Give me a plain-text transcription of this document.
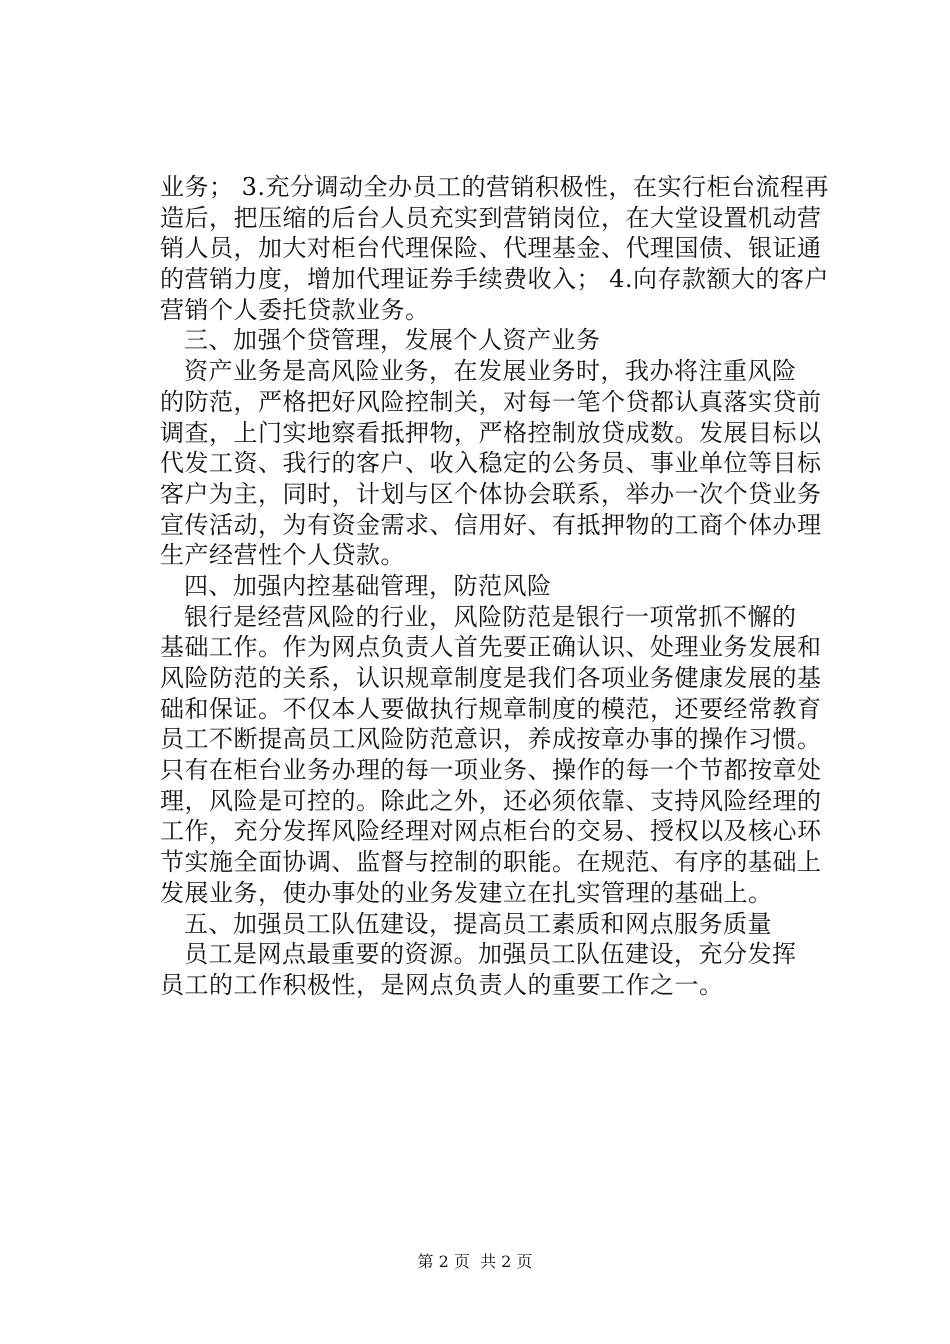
业务； 3.充分调动全办员工的营销积极性，在实行柜台流程再
造后，把压缩的后台人员充实到营销岗位，在大堂设置机动营
销人员，加大对柜台代理保险、代理基金、代理国债、银证通
的营销力度，增加代理证券手续费收入； 4.向存款额大的客户
营销个人委托贷款业务。
三、加强个贷管理，发展个人资产业务
资产业务是高风险业务，在发展业务时，我办将注重风险
的防范，严格把好风险控制关，对每一笔个贷都认真落实贷前
调查，上门实地察看抵押物，严格控制放贷成数。发展目标以
代发工资、我行的客户、收入稳定的公务员、事业单位等目标
客户为主，同时，计划与区个体协会联系，举办一次个贷业务
宣传活动，为有资金需求、信用好、有抵押物的工商个体办理
生产经营性个人贷款。
四、加强内控基础管理，防范风险
银行是经营风险的行业，风险防范是银行一项常抓不懈的
基础工作。作为网点负责人首先要正确认识、处理业务发展和
风险防范的关系，认识规章制度是我们各项业务健康发展的基
础和保证。不仅本人要做执行规章制度的模范，还要经常教育
员工不断提高员工风险防范意识，养成按章办事的操作习惯。
只有在柜台业务办理的每一项业务、操作的每一个节都按章处
理，风险是可控的。除此之外，还必须依靠、支持风险经理的
工作，充分发挥风险经理对网点柜台的交易、授权以及核心环
节实施全面协调、监督与控制的职能。在规范、有序的基础上
发展业务，使办事处的业务发建立在扎实管理的基础上。
五、加强员工队伍建设，提高员工素质和网点服务质量
员工是网点最重要的资源。加强员工队伍建设，充分发挥
员工的工作积极性，是网点负责人的重要工作之一。
第 2 页  共 2 页
